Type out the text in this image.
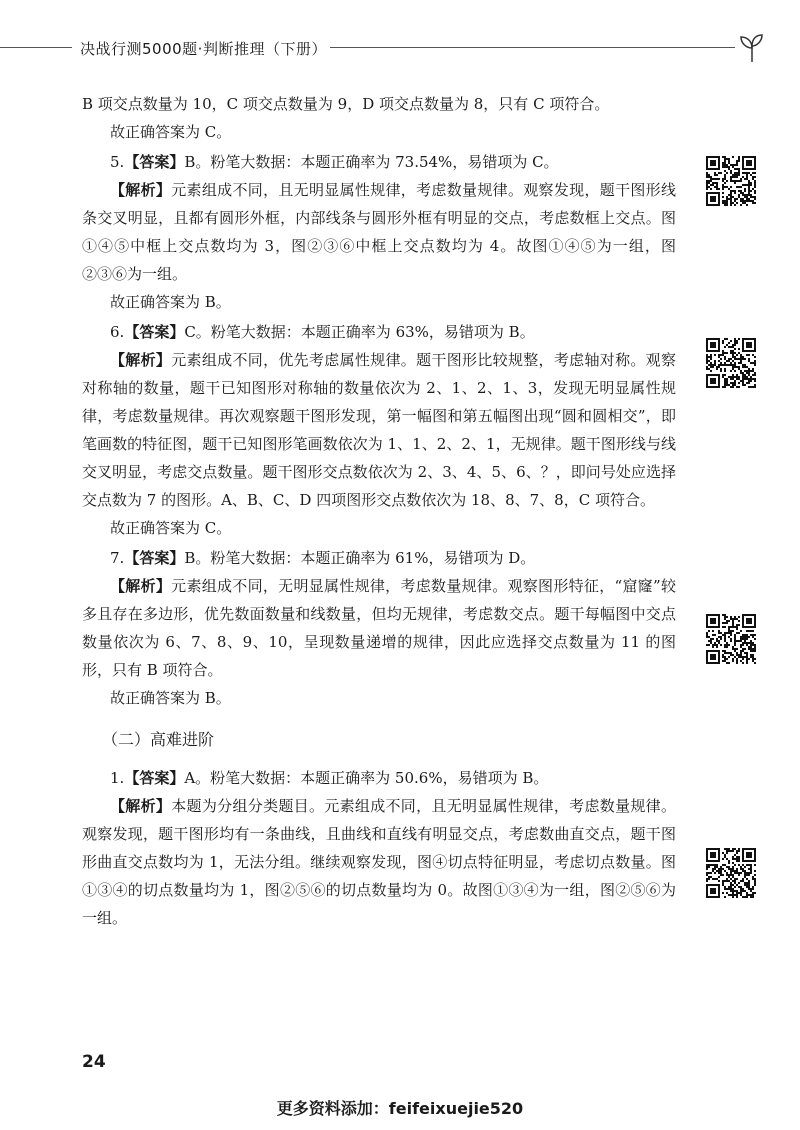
决战行测5000题·判断推理（下册）

B 项交点数量为 10，C 项交点数量为 9，D 项交点数量为 8，只有 C 项符合。

故正确答案为 C。

5.【答案】B。粉笔大数据：本题正确率为 73.54%，易错项为 C。

【解析】元素组成不同，且无明显属性规律，考虑数量规律。观察发现，题干图形线条交叉明显，且都有圆形外框，内部线条与圆形外框有明显的交点，考虑数框上交点。图①④⑤中框上交点数均为 3，图②③⑥中框上交点数均为 4。故图①④⑤为一组，图②③⑥为一组。

故正确答案为 B。

6.【答案】C。粉笔大数据：本题正确率为 63%，易错项为 B。

【解析】元素组成不同，优先考虑属性规律。题干图形比较规整，考虑轴对称。观察对称轴的数量，题干已知图形对称轴的数量依次为 2、1、2、1、3，发现无明显属性规律，考虑数量规律。再次观察题干图形发现，第一幅图和第五幅图出现“圆和圆相交”，即笔画数的特征图，题干已知图形笔画数依次为 1、1、2、2、1，无规律。题干图形线与线交叉明显，考虑交点数量。题干图形交点数依次为 2、3、4、5、6、？，即问号处应选择交点数为 7 的图形。A、B、C、D 四项图形交点数依次为 18、8、7、8，C 项符合。

故正确答案为 C。

7.【答案】B。粉笔大数据：本题正确率为 61%，易错项为 D。

【解析】元素组成不同，无明显属性规律，考虑数量规律。观察图形特征，“窟窿”较多且存在多边形，优先数面数量和线数量，但均无规律，考虑数交点。题干每幅图中交点数量依次为 6、7、8、9、10，呈现数量递增的规律，因此应选择交点数量为 11 的图形，只有 B 项符合。

故正确答案为 B。

（二）高难进阶

1.【答案】A。粉笔大数据：本题正确率为 50.6%，易错项为 B。

【解析】本题为分组分类题目。元素组成不同，且无明显属性规律，考虑数量规律。观察发现，题干图形均有一条曲线，且曲线和直线有明显交点，考虑数曲直交点，题干图形曲直交点数均为 1，无法分组。继续观察发现，图④切点特征明显，考虑切点数量。图①③④的切点数量均为 1，图②⑤⑥的切点数量均为 0。故图①③④为一组，图②⑤⑥为一组。

24
更多资料添加：feifeixuejie520
